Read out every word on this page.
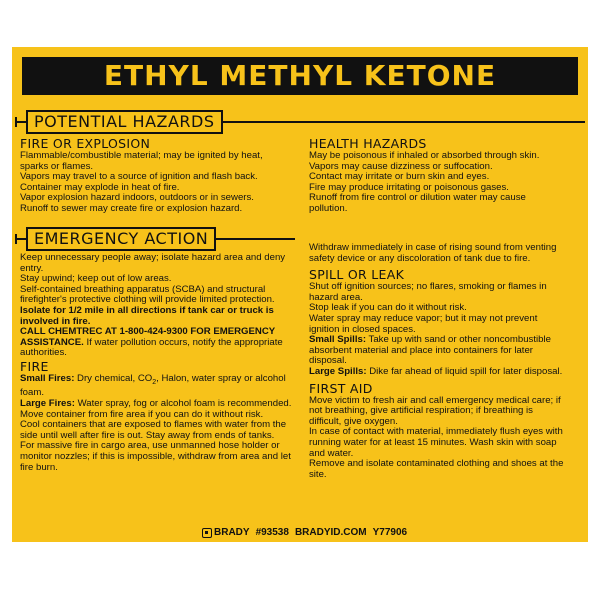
ETHYL METHYL KETONE
POTENTIAL HAZARDS

FIRE OR EXPLOSION

Flammable/combustible material; may be ignited by heat, sparks or flames.

Vapors may travel to a source of ignition and flash back.

Container may explode in heat of fire.

Vapor explosion hazard indoors, outdoors or in sewers.

Runoff to sewer may create fire or explosion hazard.

HEALTH HAZARDS

May be poisonous if inhaled or absorbed through skin.

Vapors may cause dizziness or suffocation.

Contact may irritate or burn skin and eyes.

Fire may produce irritating or poisonous gases.

Runoff from fire control or dilution water may cause pollution.

EMERGENCY ACTION

Keep unnecessary people away; isolate hazard area and deny entry.

Stay upwind; keep out of low areas.

Self-contained breathing apparatus (SCBA) and structural firefighter's protective clothing will provide limited protection.

Isolate for 1/2 mile in all directions if tank car or truck is involved in fire.

CALL CHEMTREC AT 1-800-424-9300 FOR EMERGENCY ASSISTANCE. If water pollution occurs, notify the appropriate authorities.

FIRE

Small Fires: Dry chemical, $CO_2$, Halon, water spray or alcohol foam.

Large Fires: Water spray, fog or alcohol foam is recommended.

Move container from fire area if you can do it without risk.

Cool containers that are exposed to flames with water from the side until well after fire is out. Stay away from ends of tanks.

For massive fire in cargo area, use unmanned hose holder or monitor nozzles; if this is impossible, withdraw from area and let fire burn.

Withdraw immediately in case of rising sound from venting safety device or any discoloration of tank due to fire.

SPILL OR LEAK

Shut off ignition sources; no flares, smoking or flames in hazard area.

Stop leak if you can do it without risk.

Water spray may reduce vapor; but it may not prevent ignition in closed spaces.

Small Spills: Take up with sand or other noncombustible absorbent material and place into containers for later disposal.

Large Spills: Dike far ahead of liquid spill for later disposal.

FIRST AID

Move victim to fresh air and call emergency medical care; if not breathing, give artificial respiration; if breathing is difficult, give oxygen.

In case of contact with material, immediately flush eyes with running water for at least 15 minutes. Wash skin with soap and water.

Remove and isolate contaminated clothing and shoes at the site.

BRADY #93538 BRADYID.COM Y77906
